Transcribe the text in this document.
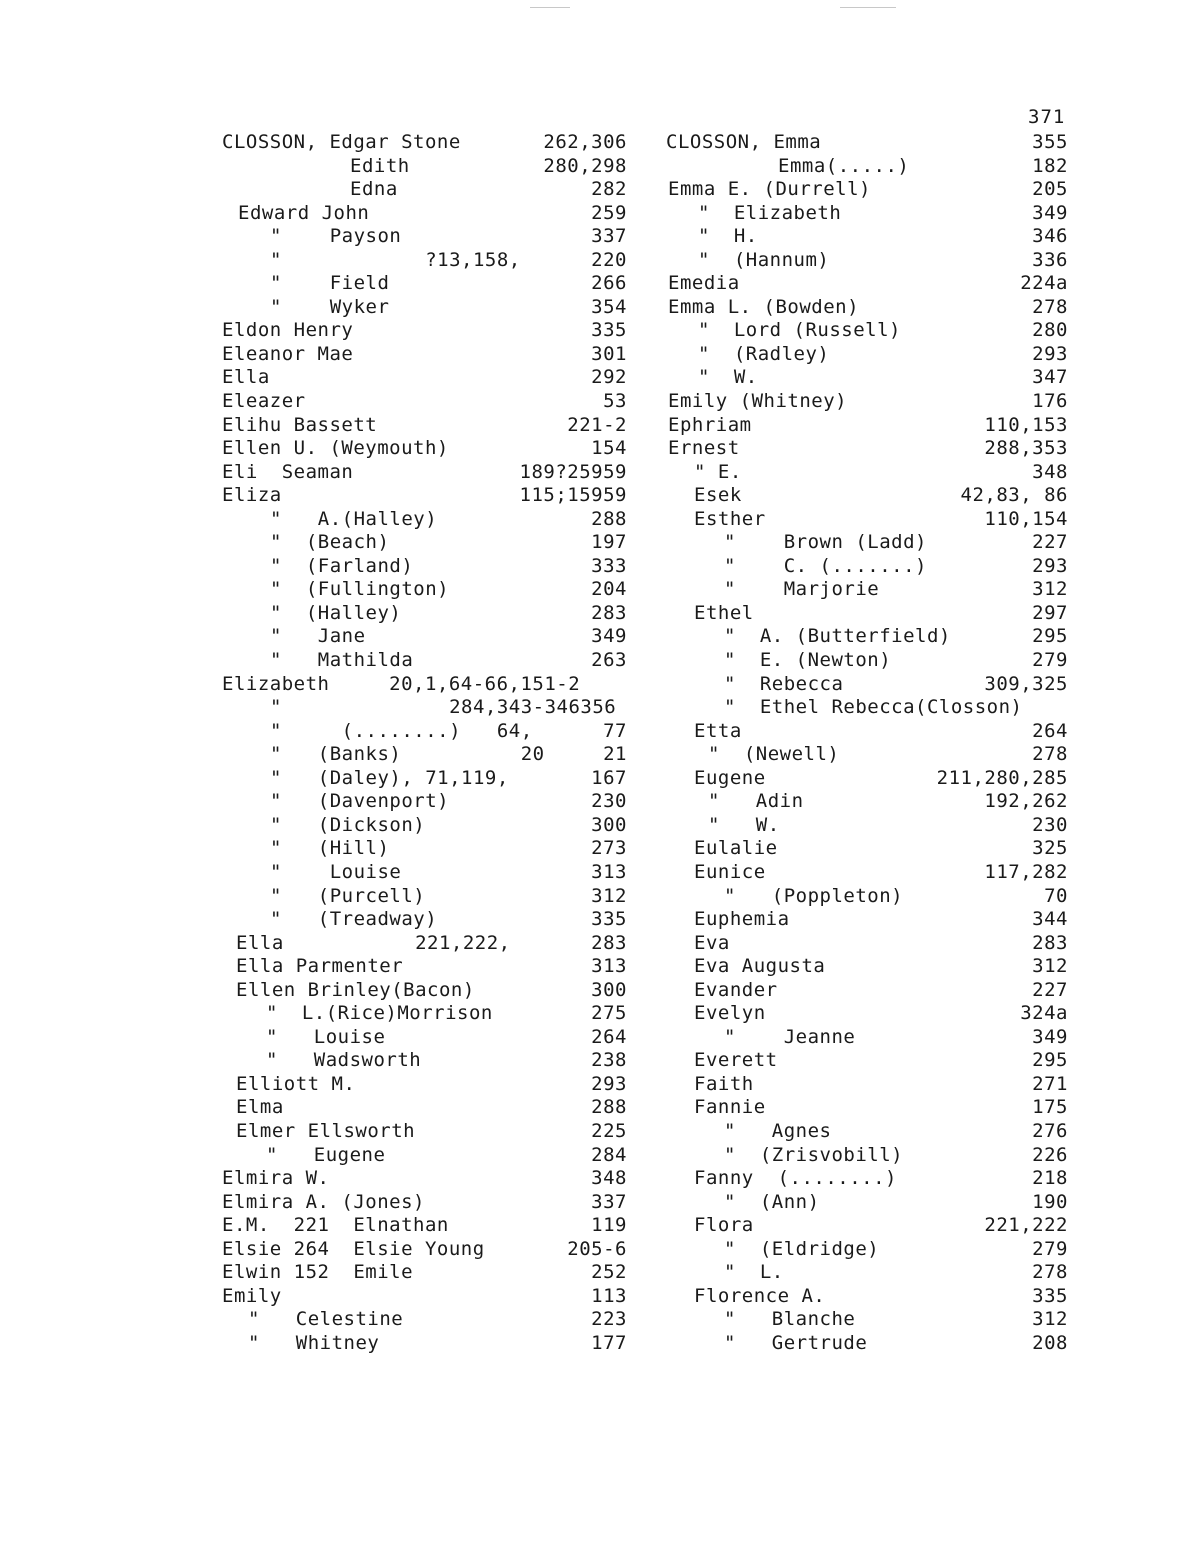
371
CLOSSON, Edgar Stone	262,306
Edith	280,298
Edna	282
Edward John	259
"    Payson	337
"            ?13,158,	220
"    Field	266
"    Wyker	354
Eldon Henry	335
Eleanor Mae	301
Ella	292
Eleazer	53
Elihu Bassett	221-2
Ellen U. (Weymouth)	154
Eli  Seaman	189?25959
Eliza	115;15959
"   A.(Halley)	288
"  (Beach)	197
"  (Farland)	333
"  (Fullington)	204
"  (Halley)	283
"   Jane	349
"   Mathilda	263
Elizabeth     20,1,64-66,151-2
"              284,343-346356
"     (........)   64,	77
"   (Banks)          20	21
"   (Daley), 71,119,	167
"   (Davenport)	230
"   (Dickson)	300
"   (Hill)	273
"    Louise	313
"   (Purcell)	312
"   (Treadway)	335
Ella           221,222,	283
Ella Parmenter	313
Ellen Brinley(Bacon)	300
"  L.(Rice)Morrison	275
"   Louise	264
"   Wadsworth	238
Elliott M.	293
Elma	288
Elmer Ellsworth	225
"   Eugene	284
Elmira W.	348
Elmira A. (Jones)	337
E.M.  221  Elnathan	119
Elsie 264  Elsie Young	205-6
Elwin 152  Emile	252
Emily	113
"   Celestine	223
"   Whitney	177
CLOSSON, Emma	355
Emma(.....)	182
Emma E. (Durrell)	205
"  Elizabeth	349
"  H.	346
"  (Hannum)	336
Emedia	224a
Emma L. (Bowden)	278
"  Lord (Russell)	280
"  (Radley)	293
"  W.	347
Emily (Whitney)	176
Ephriam	110,153
Ernest	288,353
" E.	348
Esek	42,83, 86
Esther	110,154
"    Brown (Ladd)	227
"    C. (.......)	293
"    Marjorie	312
Ethel	297
"  A. (Butterfield)	295
"  E. (Newton)	279
"  Rebecca	309,325
"  Ethel Rebecca(Closson)
Etta	264
"  (Newell)	278
Eugene	211,280,285
"   Adin	192,262
"   W.	230
Eulalie	325
Eunice	117,282
"   (Poppleton)	70
Euphemia	344
Eva	283
Eva Augusta	312
Evander	227
Evelyn	324a
"    Jeanne	349
Everett	295
Faith	271
Fannie	175
"   Agnes	276
"  (Zrisvobill)	226
Fanny  (........)	218
"  (Ann)	190
Flora	221,222
"  (Eldridge)	279
"  L.	278
Florence A.	335
"   Blanche	312
"   Gertrude	208
